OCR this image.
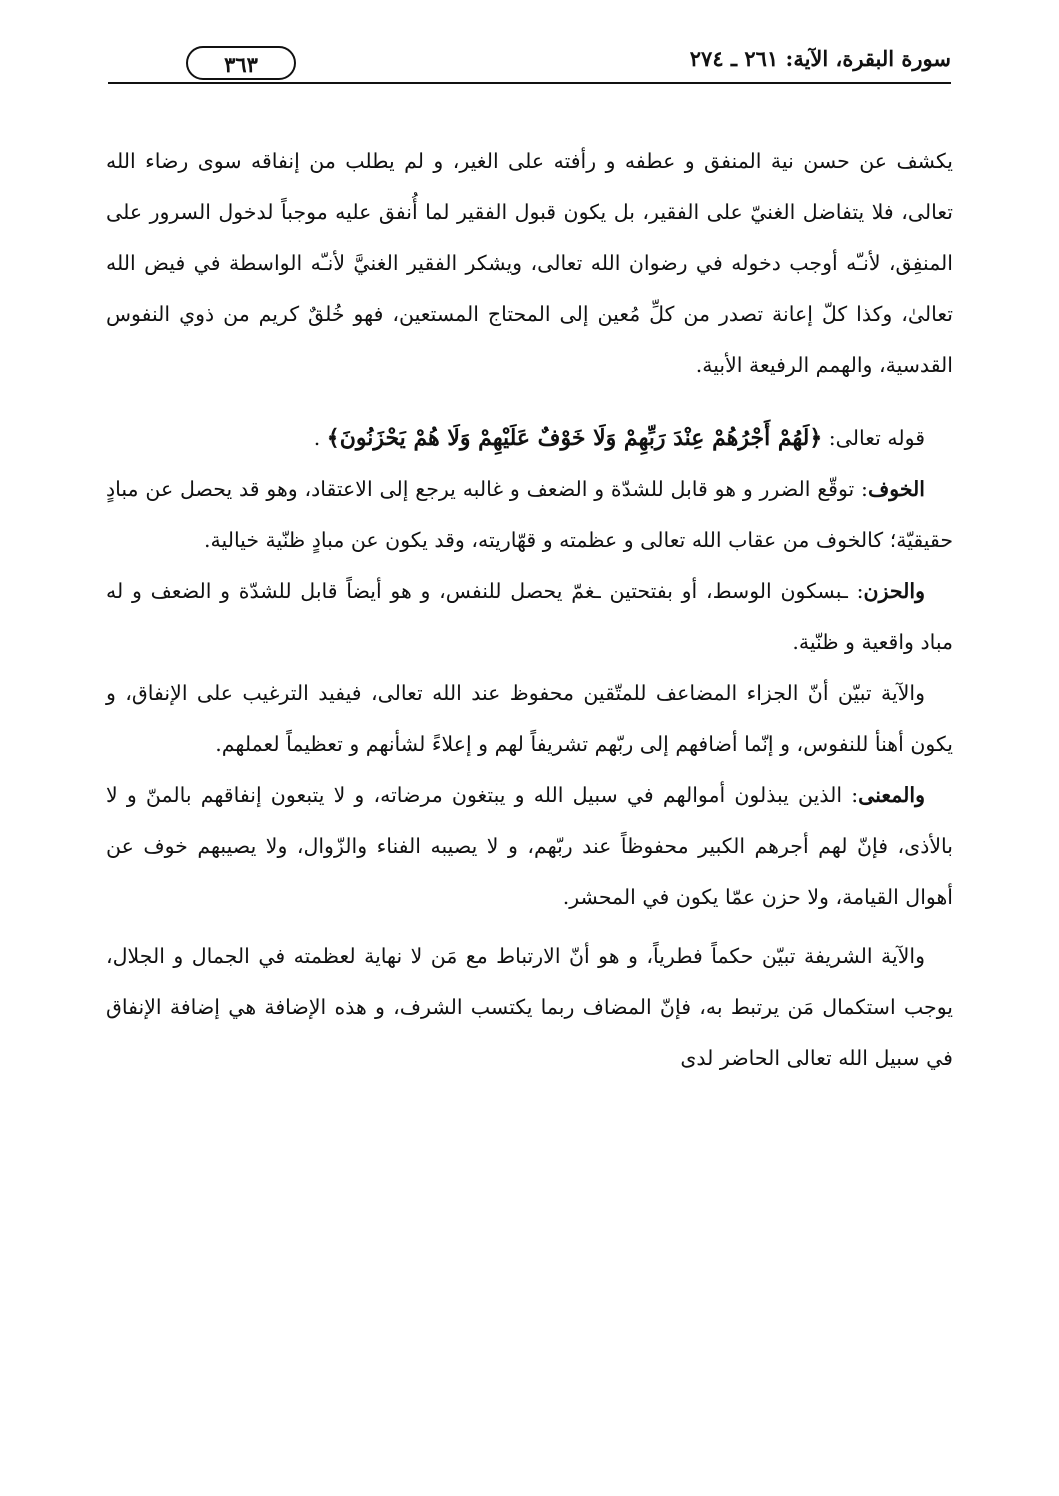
سورة البقرة، الآية: ٢٦١ ـ ٢٧٤
٣٦٣

يكشف عن حسن نية المنفق و عطفه و رأفته على الغير، و لم يطلب من إنفاقه سوى رضاء الله تعالى، فلا يتفاضل الغنيّ على الفقير، بل يكون قبول الفقير لما أُنفق عليه موجباً لدخول السرور على المنفِق، لأنـّه أوجب دخوله في رضوان الله تعالى، ويشكر الفقير الغنيَّ لأنـّه الواسطة في فيض الله تعالىٰ، وكذا كلّ إعانة تصدر من كلِّ مُعين إلى المحتاج المستعين، فهو خُلقٌ كريم من ذوي النفوس القدسية، والهمم الرفيعة الأبية.

قوله تعالى: ﴿لَهُمْ أَجْرُهُمْ عِنْدَ رَبِّهِمْ وَلَا خَوْفٌ عَلَيْهِمْ وَلَا هُمْ يَحْزَنُونَ﴾ .

الخوف: توقّع الضرر و هو قابل للشدّة و الضعف و غالبه يرجع إلى الاعتقاد، وهو قد يحصل عن مبادٍ حقيقيّة؛ كالخوف من عقاب الله تعالى و عظمته و قهّاريته، وقد يكون عن مبادٍ ظنّية خيالية.

والحزن: ـبسكون الوسط، أو بفتحتين ـغمّ يحصل للنفس، و هو أيضاً قابل للشدّة و الضعف و له مباد واقعية و ظنّية.

والآية تبيّن أنّ الجزاء المضاعف للمتّقين محفوظ عند الله تعالى، فيفيد الترغيب على الإنفاق، و يكون أهنأ للنفوس، و إنّما أضافهم إلى ربّهم تشريفاً لهم و إعلاءً لشأنهم و تعظيماً لعملهم.

والمعنى: الذين يبذلون أموالهم في سبيل الله و يبتغون مرضاته، و لا يتبعون إنفاقهم بالمنّ و لا بالأذى، فإنّ لهم أجرهم الكبير محفوظاً عند ربّهم، و لا يصيبه الفناء والزّوال، ولا يصيبهم خوف عن أهوال القيامة، ولا حزن عمّا يكون في المحشر.

والآية الشريفة تبيّن حكماً فطرياً، و هو أنّ الارتباط مع مَن لا نهاية لعظمته في الجمال و الجلال، يوجب استكمال مَن يرتبط به، فإنّ المضاف ربما يكتسب الشرف، و هذه الإضافة هي إضافة الإنفاق في سبيل الله تعالى الحاضر لدى
